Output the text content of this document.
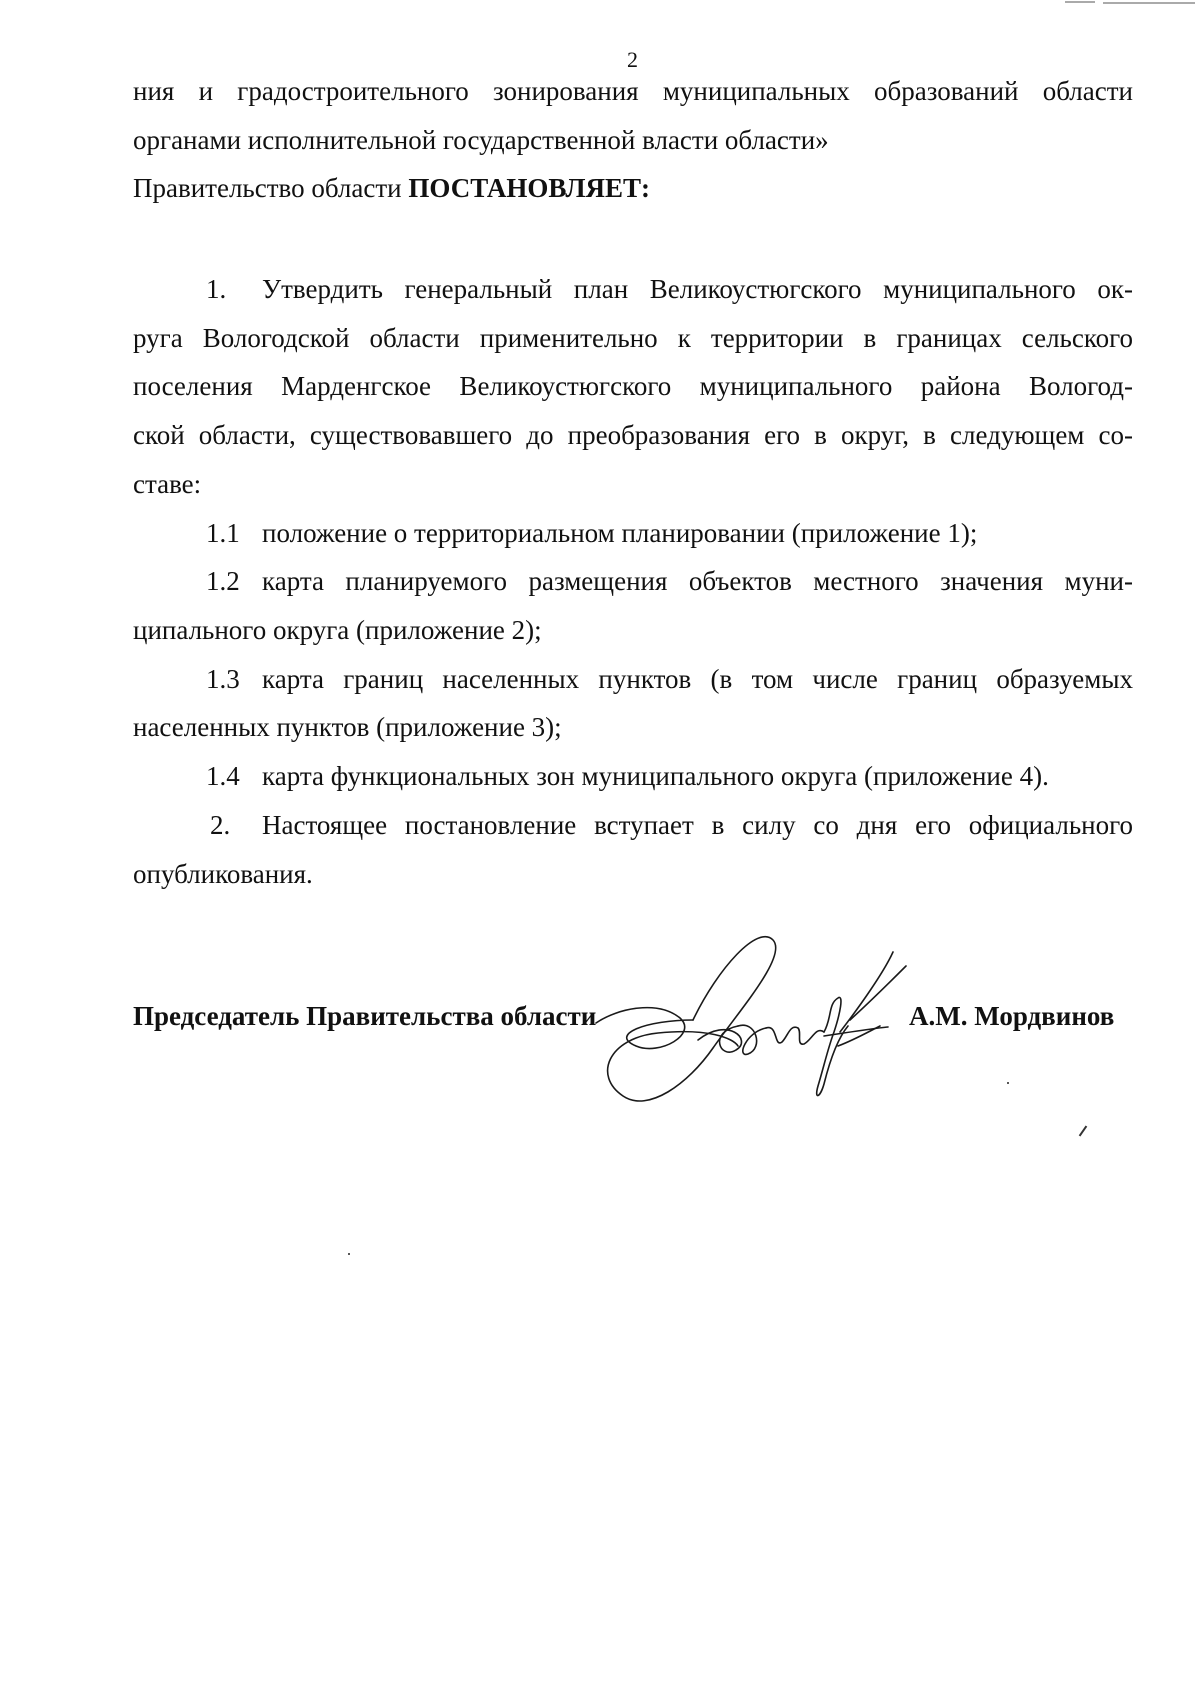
2
ния и градостроительного зонирования муниципальных образований области
органами исполнительной государственной власти области»
Правительство области ПОСТАНОВЛЯЕТ:
1. Утвердить генеральный план Великоустюгского муниципального ок-
руга Вологодской области применительно к территории в границах сельского
поселения Марденгское Великоустюгского муниципального района Вологод-
ской области, существовавшего до преобразования его в округ, в следующем со-
ставе:
1.1 положение о территориальном планировании (приложение 1);
1.2 карта планируемого размещения объектов местного значения муни-
ципального округа (приложение 2);
1.3 карта границ населенных пунктов (в том числе границ образуемых
населенных пунктов (приложение 3);
1.4 карта функциональных зон муниципального округа (приложение 4).
2. Настоящее постановление вступает в силу со дня его официального
опубликования.
Председатель Правительства области	А.М. Мордвинов
